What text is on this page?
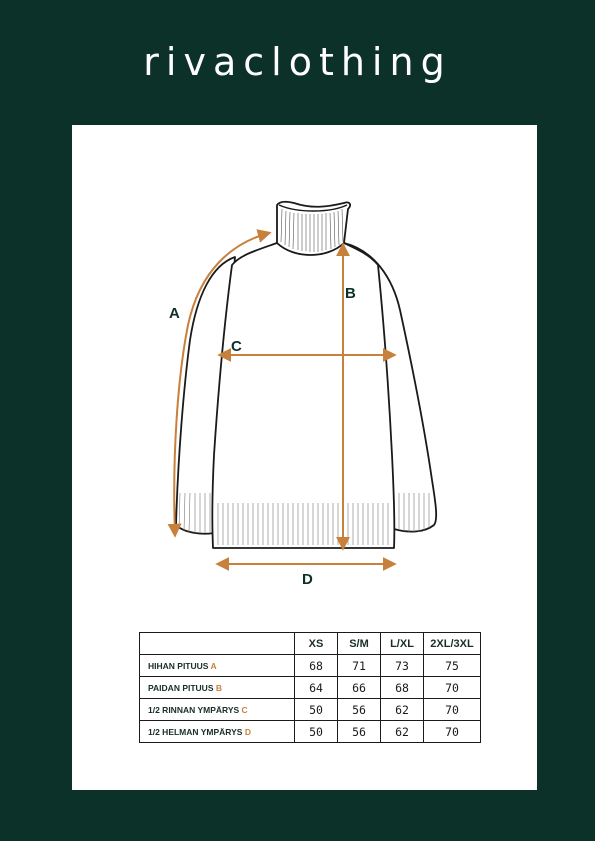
rivaclothing
A
B
C
D
	XS	S/M	L/XL	2XL/3XL
HIHAN PITUUS A	68	71	73	75
PAIDAN PITUUS B	64	66	68	70
1/2 RINNAN YMPÄRYS C	50	56	62	70
1/2 HELMAN YMPÄRYS D	50	56	62	70
